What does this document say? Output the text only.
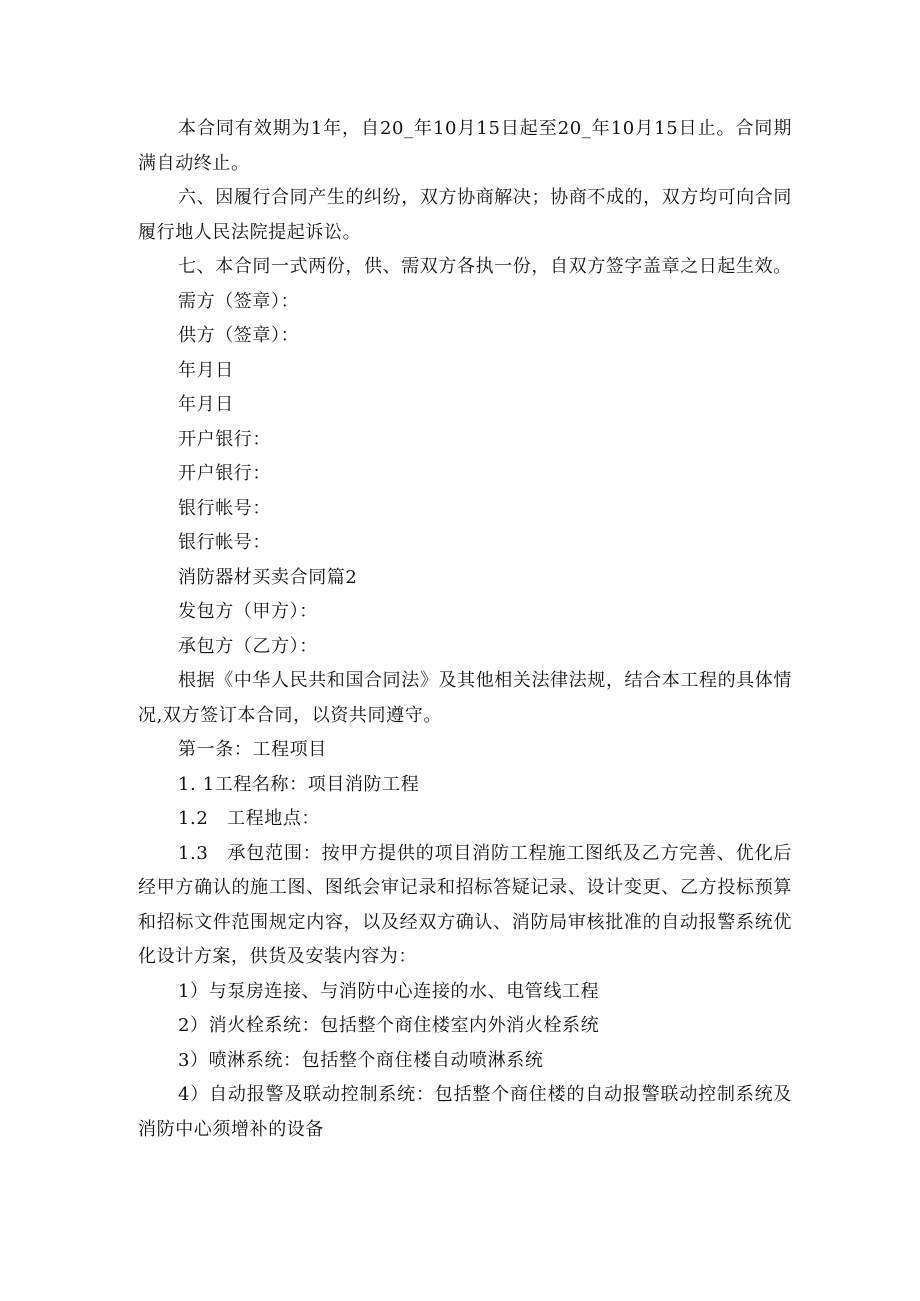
本合同有效期为1年，自20_年10月15日起至20_年10月15日止。合同期满自动终止。

六、因履行合同产生的纠纷，双方协商解决；协商不成的，双方均可向合同履行地人民法院提起诉讼。

七、本合同一式两份，供、需双方各执一份，自双方签字盖章之日起生效。

需方（签章）：

供方（签章）：

年月日

年月日

开户银行：

开户银行：

银行帐号：

银行帐号：

消防器材买卖合同篇2

发包方（甲方）：

承包方（乙方）：

根据《中华人民共和国合同法》及其他相关法律法规，结合本工程的具体情况,双方签订本合同，以资共同遵守。

第一条：工程项目

1. 1工程名称：项目消防工程

1.2　工程地点：

1.3　承包范围：按甲方提供的项目消防工程施工图纸及乙方完善、优化后经甲方确认的施工图、图纸会审记录和招标答疑记录、设计变更、乙方投标预算和招标文件范围规定内容，以及经双方确认、消防局审核批准的自动报警系统优化设计方案，供货及安装内容为：

1）与泵房连接、与消防中心连接的水、电管线工程

2）消火栓系统：包括整个商住楼室内外消火栓系统

3）喷淋系统：包括整个商住楼自动喷淋系统

4）自动报警及联动控制系统：包括整个商住楼的自动报警联动控制系统及消防中心须增补的设备
